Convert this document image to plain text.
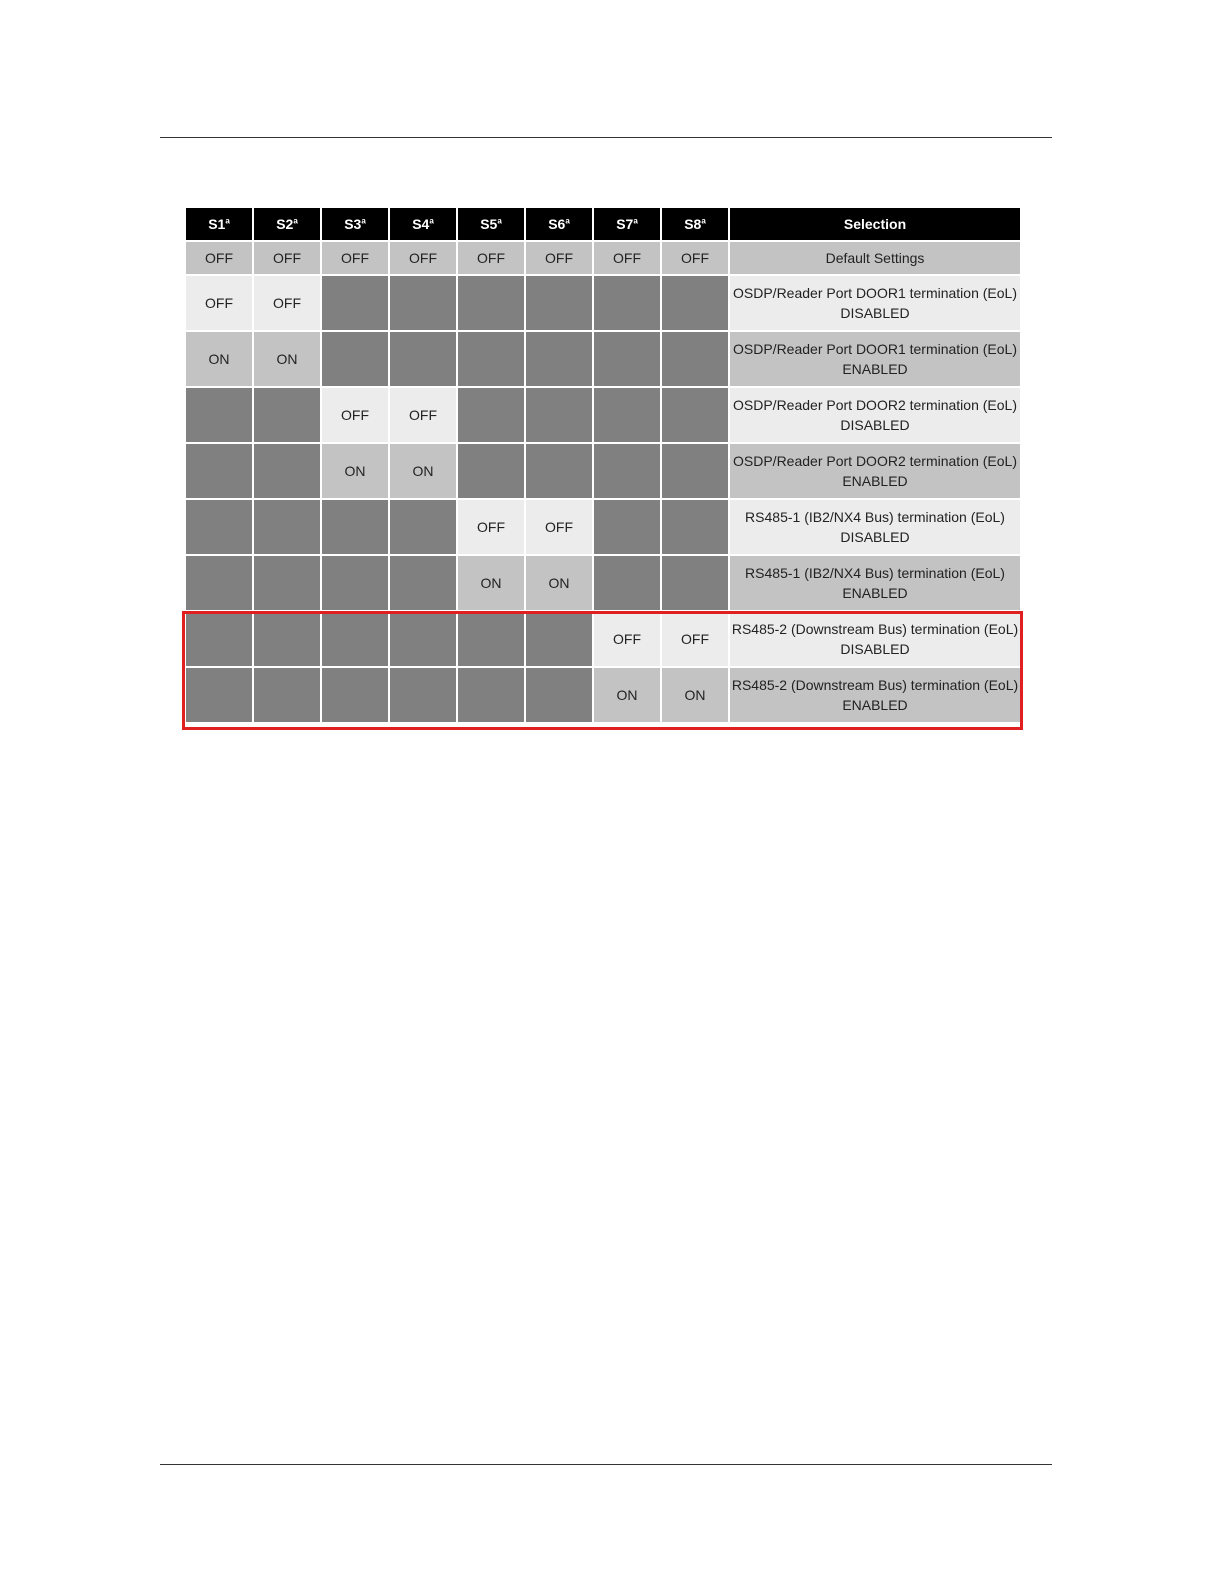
S1$^a$	S2$^a$	S3$^a$	S4$^a$	S5$^a$	S6$^a$	S7$^a$	S8$^a$	Selection
OFF	OFF	OFF	OFF	OFF	OFF	OFF	OFF	Default Settings
OFF	OFF							OSDP/Reader Port DOOR1 termination (EoL) DISABLED
ON	ON							OSDP/Reader Port DOOR1 termination (EoL) ENABLED
		OFF	OFF					OSDP/Reader Port DOOR2 termination (EoL) DISABLED
		ON	ON					OSDP/Reader Port DOOR2 termination (EoL) ENABLED
				OFF	OFF			RS485-1 (IB2/NX4 Bus) termination (EoL) DISABLED
				ON	ON			RS485-1 (IB2/NX4 Bus) termination (EoL) ENABLED
						OFF	OFF	RS485-2 (Downstream Bus) termination (EoL) DISABLED
						ON	ON	RS485-2 (Downstream Bus) termination (EoL) ENABLED
